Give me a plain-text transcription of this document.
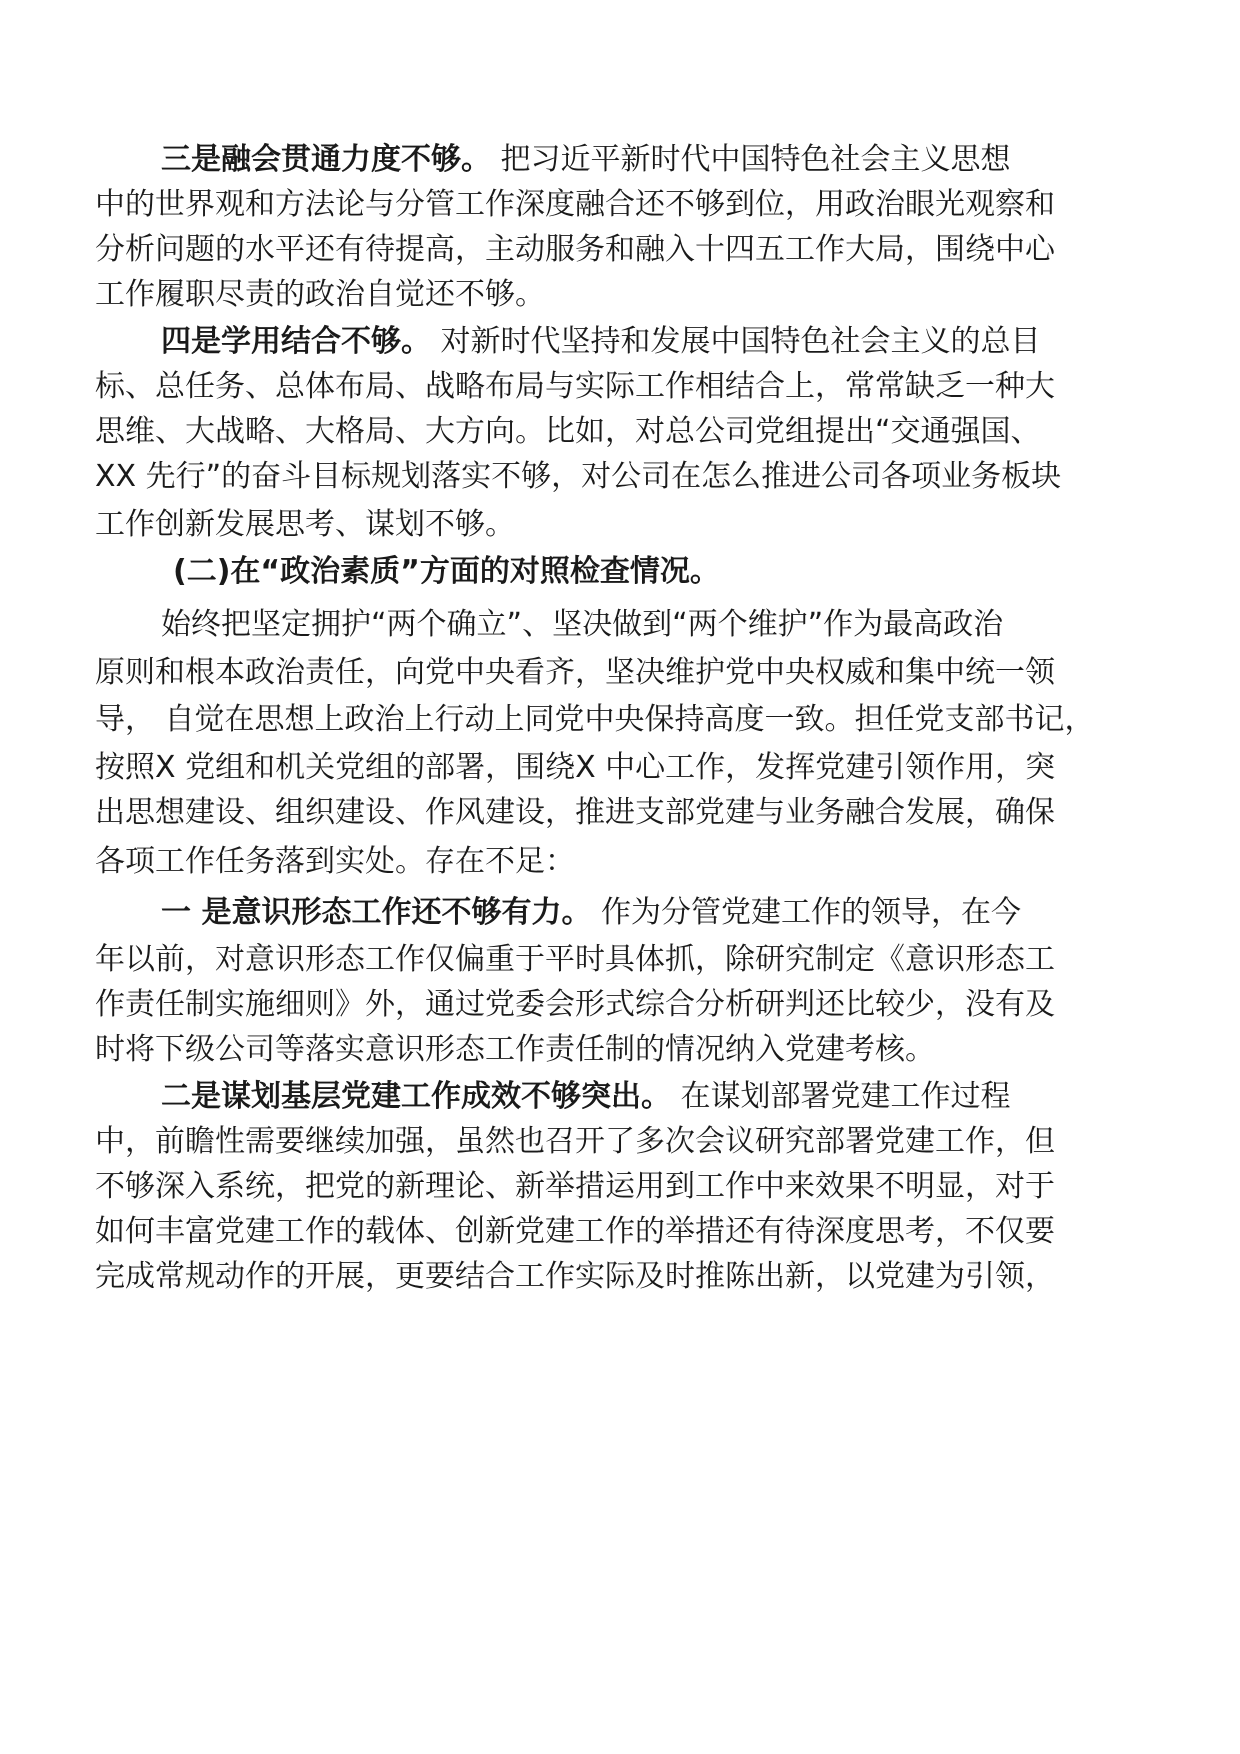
三是融会贯通力度不够。 把习近平新时代中国特色社会主义思想

中的世界观和方法论与分管工作深度融合还不够到位，用政治眼光观察和

分析问题的水平还有待提高，主动服务和融入十四五工作大局，围绕中心

工作履职尽责的政治自觉还不够。

四是学用结合不够。 对新时代坚持和发展中国特色社会主义的总目

标、总任务、总体布局、战略布局与实际工作相结合上，常常缺乏一种大

思维、大战略、大格局、大方向。比如，对总公司党组提出“交通强国、

XX 先行”的奋斗目标规划落实不够，对公司在怎么推进公司各项业务板块

工作创新发展思考、谋划不够。

(二)在“政治素质”方面的对照检查情况。

始终把坚定拥护“两个确立”、坚决做到“两个维护”作为最高政治

原则和根本政治责任，向党中央看齐，坚决维护党中央权威和集中统一领

导， 自觉在思想上政治上行动上同党中央保持高度一致。担任党支部书记，

按照X 党组和机关党组的部署，围绕X 中心工作，发挥党建引领作用，突

出思想建设、组织建设、作风建设，推进支部党建与业务融合发展，确保

各项工作任务落到实处。存在不足：

一 是意识形态工作还不够有力。 作为分管党建工作的领导，在今

年以前，对意识形态工作仅偏重于平时具体抓，除研究制定《意识形态工

作责任制实施细则》外，通过党委会形式综合分析研判还比较少，没有及

时将下级公司等落实意识形态工作责任制的情况纳入党建考核。

二是谋划基层党建工作成效不够突出。 在谋划部署党建工作过程

中，前瞻性需要继续加强，虽然也召开了多次会议研究部署党建工作，但

不够深入系统，把党的新理论、新举措运用到工作中来效果不明显，对于

如何丰富党建工作的载体、创新党建工作的举措还有待深度思考，不仅要

完成常规动作的开展，更要结合工作实际及时推陈出新，以党建为引领，
